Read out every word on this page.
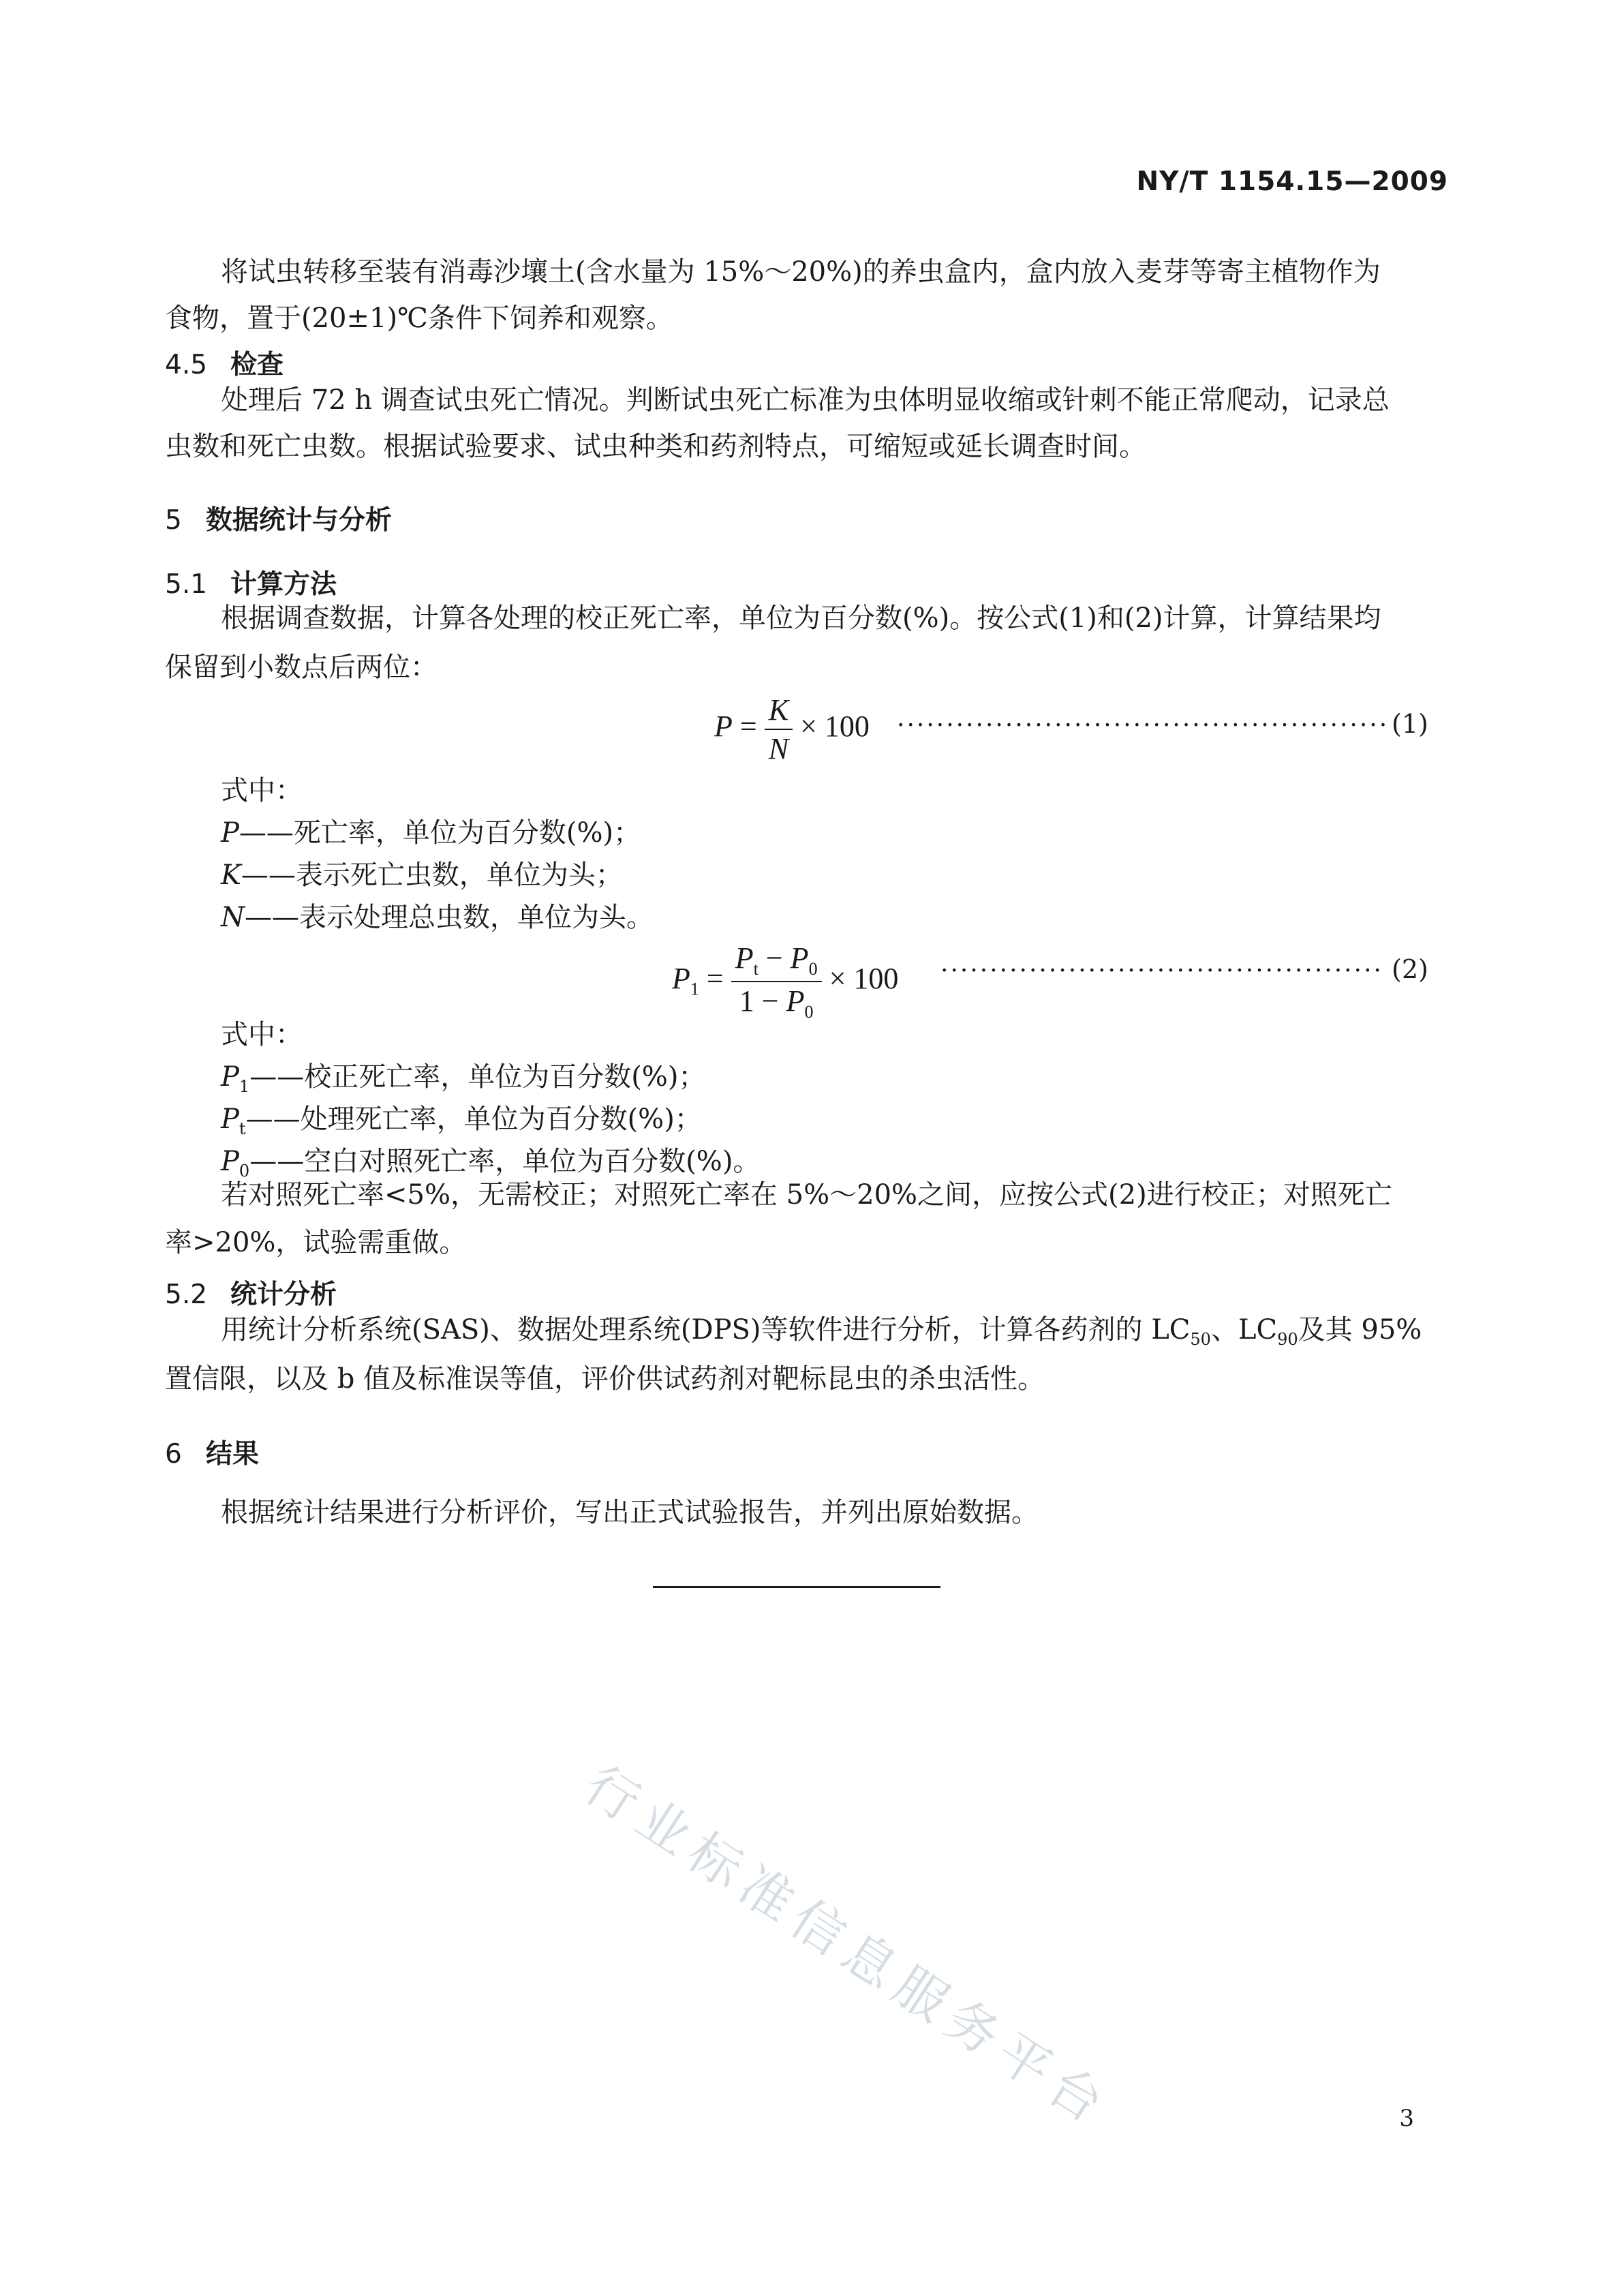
NY/T 1154.15—2009
将试虫转移至装有消毒沙壤土(含水量为 15%～20%)的养虫盒内，盒内放入麦芽等寄主植物作为
食物，置于(20±1)℃条件下饲养和观察。
4.5 检查
处理后 72 h 调查试虫死亡情况。判断试虫死亡标准为虫体明显收缩或针刺不能正常爬动，记录总
虫数和死亡虫数。根据试验要求、试虫种类和药剂特点，可缩短或延长调查时间。
5 数据统计与分析
5.1 计算方法
根据调查数据，计算各处理的校正死亡率，单位为百分数(%)。按公式(1)和(2)计算，计算结果均
保留到小数点后两位：
$P = \frac{K}{N} \times 100$ ·················································· (1)
式中：
P——死亡率，单位为百分数(%)；
K——表示死亡虫数，单位为头；
N——表示处理总虫数，单位为头。
$P_1 = \frac{P_t - P_0}{1 - P_0} \times 100$ ············································· (2)
式中：
$P_1——$校正死亡率，单位为百分数(%)；
$P_t——$处理死亡率，单位为百分数(%)；
$P_0——$空白对照死亡率，单位为百分数(%)。
若对照死亡率<5%，无需校正；对照死亡率在 5%～20%之间，应按公式(2)进行校正；对照死亡
率>20%，试验需重做。
5.2 统计分析
用统计分析系统(SAS)、数据处理系统(DPS)等软件进行分析，计算各药剂的 $LC_{50}$、$LC_{90}$及其 95%
置信限，以及 b 值及标准误等值，评价供试药剂对靶标昆虫的杀虫活性。
6 结果
根据统计结果进行分析评价，写出正式试验报告，并列出原始数据。
行业标准信息服务平台	3
